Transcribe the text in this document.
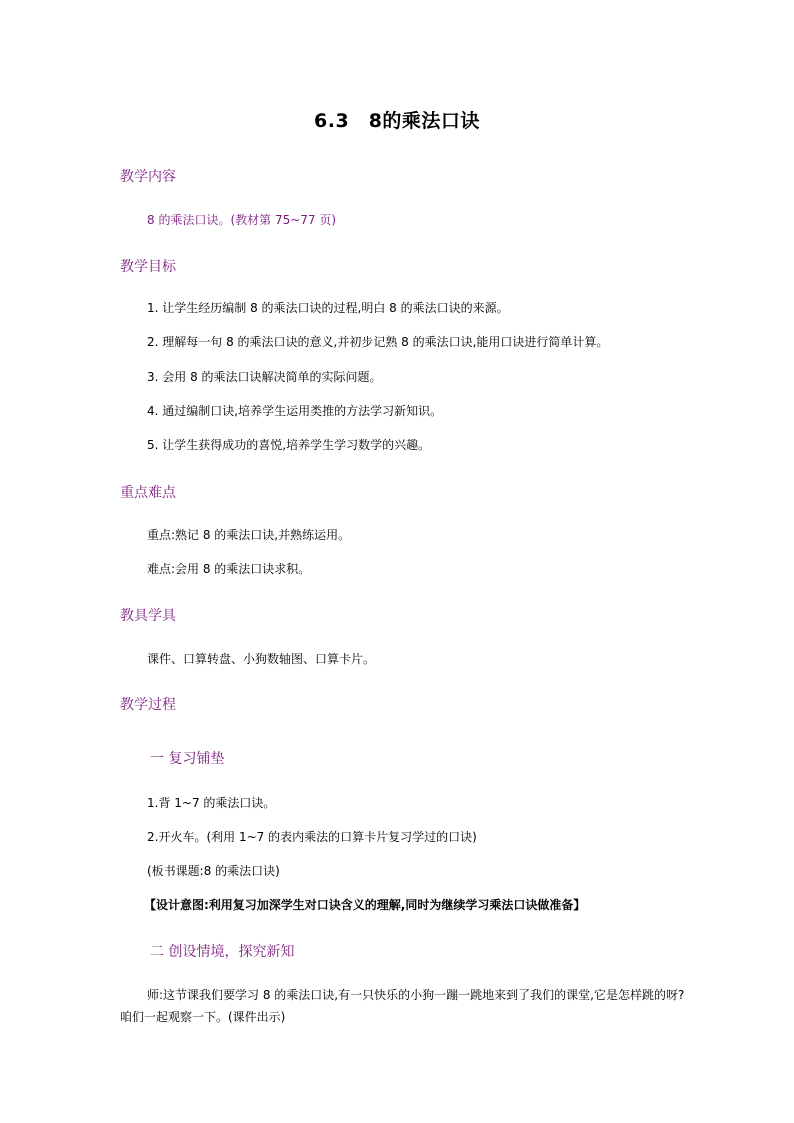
6.3　8的乘法口诀
教学内容
8 的乘法口诀。(教材第 75~77 页)
教学目标
1. 让学生经历编制 8 的乘法口诀的过程,明白 8 的乘法口诀的来源。
2. 理解每一句 8 的乘法口诀的意义,并初步记熟 8 的乘法口诀,能用口诀进行简单计算。
3. 会用 8 的乘法口诀解决简单的实际问题。
4. 通过编制口诀,培养学生运用类推的方法学习新知识。
5. 让学生获得成功的喜悦,培养学生学习数学的兴趣。
重点难点
重点:熟记 8 的乘法口诀,并熟练运用。
难点:会用 8 的乘法口诀求积。
教具学具
课件、口算转盘、小狗数轴图、口算卡片。
教学过程
一 复习铺垫
1.背 1~7 的乘法口诀。
2.开火车。(利用 1~7 的表内乘法的口算卡片复习学过的口诀)
(板书课题:8 的乘法口诀)
【设计意图:利用复习加深学生对口诀含义的理解,同时为继续学习乘法口诀做准备】
二 创设情境，探究新知
师:这节课我们要学习 8 的乘法口诀,有一只快乐的小狗一蹦一跳地来到了我们的课堂,它是怎样跳的呀?咱们一起观察一下。(课件出示)
